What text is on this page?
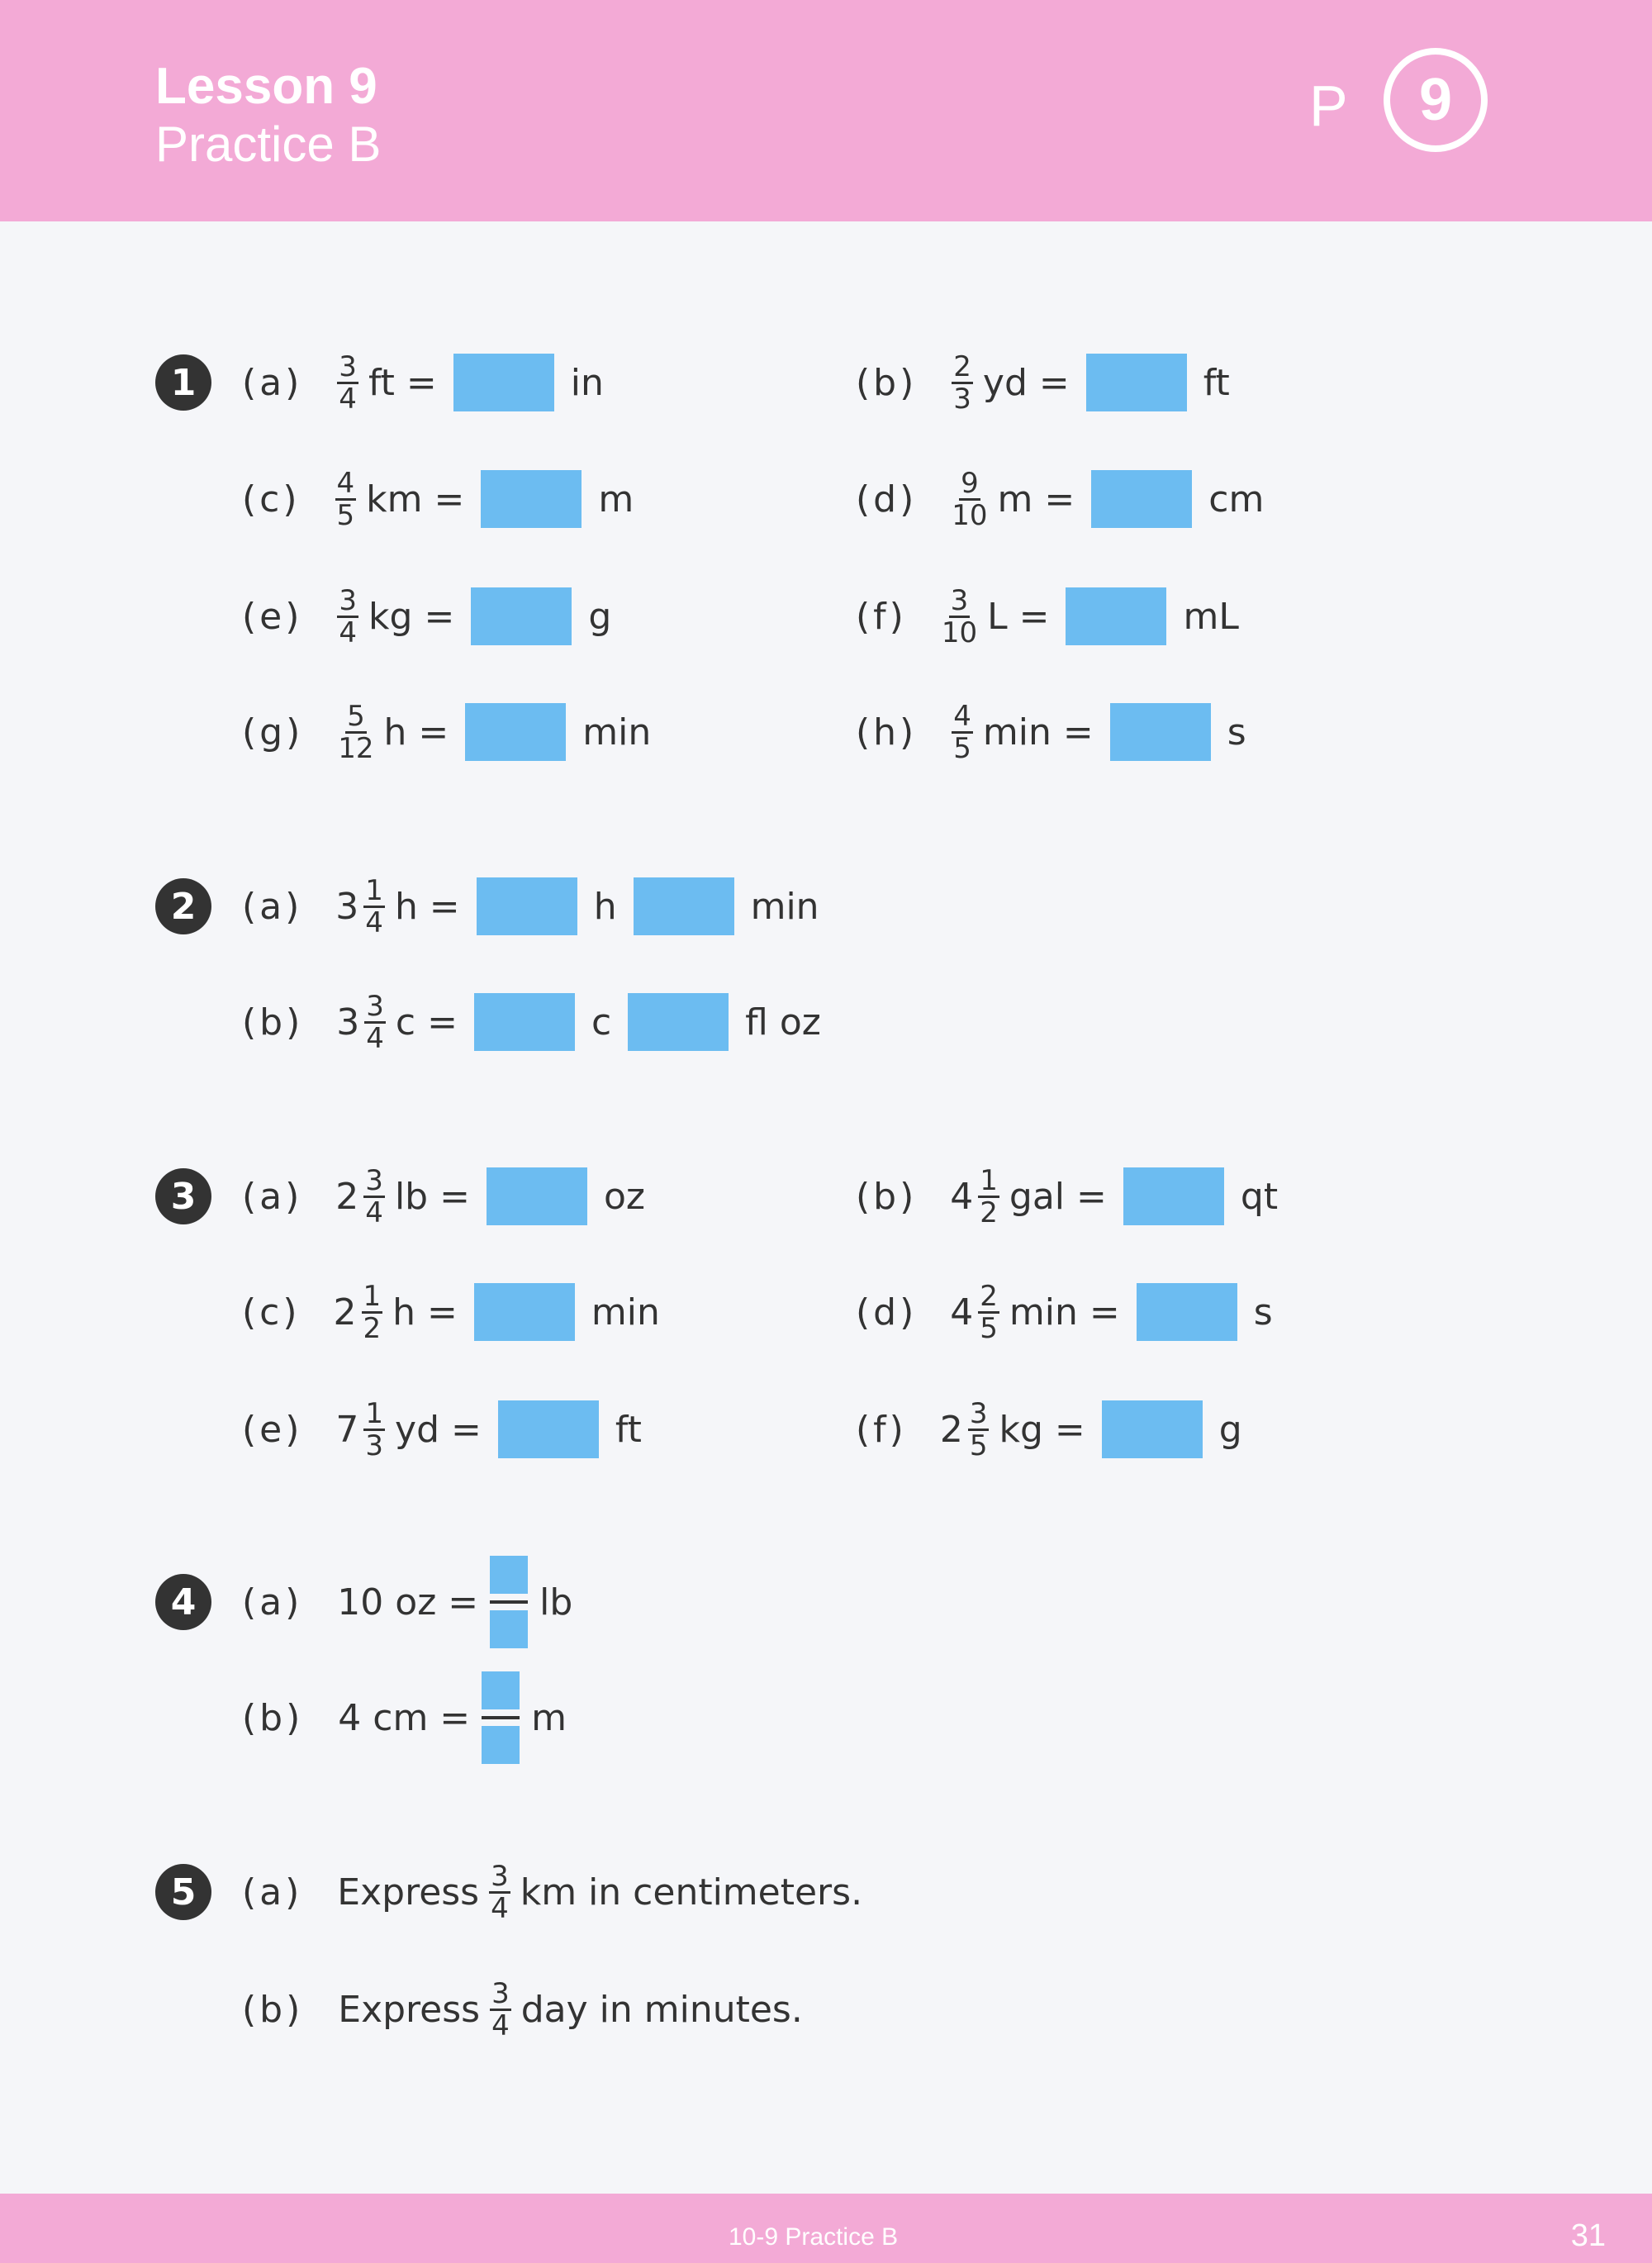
Lesson 9
Practice B
P	9
1	$(a) \frac{3}{4}$ ft =	in	$(b) \frac{2}{3}$ yd =	ft
$(c) \frac{4}{5}$ km =	m	$(d) \frac{9}{10}$ m =	cm
$(e) \frac{3}{4}$ kg =	g	$(f) \frac{3}{10}$ L =	mL
$(g) \frac{5}{12}$ h =	min	$(h) \frac{4}{5}$ min =	s
2	(a) $3 \frac{1}{4}$ h =	h	min
(b) $3 \frac{3}{4}$ c =	c	fl oz
3	(a) $2 \frac{3}{4}$ lb =	oz	(b) $4 \frac{1}{2}$ gal =	qt
(c) $2 \frac{1}{2}$ h =	min	(d) $4 \frac{2}{5}$ min =	s
(e) $7 \frac{1}{3}$ yd =	ft	(f) $2 \frac{3}{5}$ kg =	g
4	(a) 10 oz = lb
(b) 4 cm = m
5	(a) Express $\frac{3}{4}$ km in centimeters.
(b) Express $\frac{3}{4}$ day in minutes.
10-9 Practice B	31
